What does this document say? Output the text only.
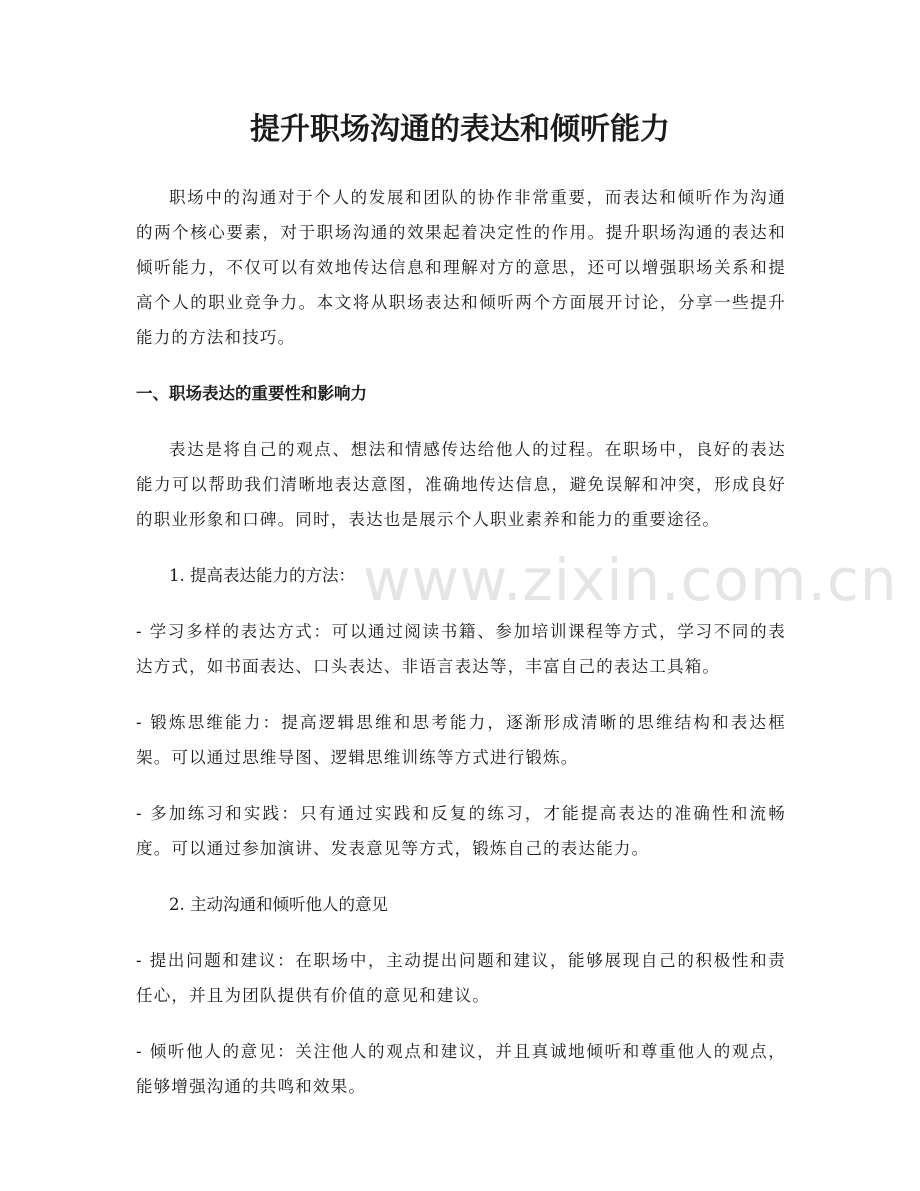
提升职场沟通的表达和倾听能力

职场中的沟通对于个人的发展和团队的协作非常重要，而表达和倾听作为沟通的两个核心要素，对于职场沟通的效果起着决定性的作用。提升职场沟通的表达和倾听能力，不仅可以有效地传达信息和理解对方的意思，还可以增强职场关系和提高个人的职业竞争力。本文将从职场表达和倾听两个方面展开讨论，分享一些提升能力的方法和技巧。

一、职场表达的重要性和影响力

表达是将自己的观点、想法和情感传达给他人的过程。在职场中，良好的表达能力可以帮助我们清晰地表达意图，准确地传达信息，避免误解和冲突，形成良好的职业形象和口碑。同时，表达也是展示个人职业素养和能力的重要途径。

1. 提高表达能力的方法：

- 学习多样的表达方式：可以通过阅读书籍、参加培训课程等方式，学习不同的表达方式，如书面表达、口头表达、非语言表达等，丰富自己的表达工具箱。

- 锻炼思维能力：提高逻辑思维和思考能力，逐渐形成清晰的思维结构和表达框架。可以通过思维导图、逻辑思维训练等方式进行锻炼。

- 多加练习和实践：只有通过实践和反复的练习，才能提高表达的准确性和流畅度。可以通过参加演讲、发表意见等方式，锻炼自己的表达能力。

2. 主动沟通和倾听他人的意见

- 提出问题和建议：在职场中，主动提出问题和建议，能够展现自己的积极性和责任心，并且为团队提供有价值的意见和建议。

- 倾听他人的意见：关注他人的观点和建议，并且真诚地倾听和尊重他人的观点，能够增强沟通的共鸣和效果。

www.zixin.com.cn
